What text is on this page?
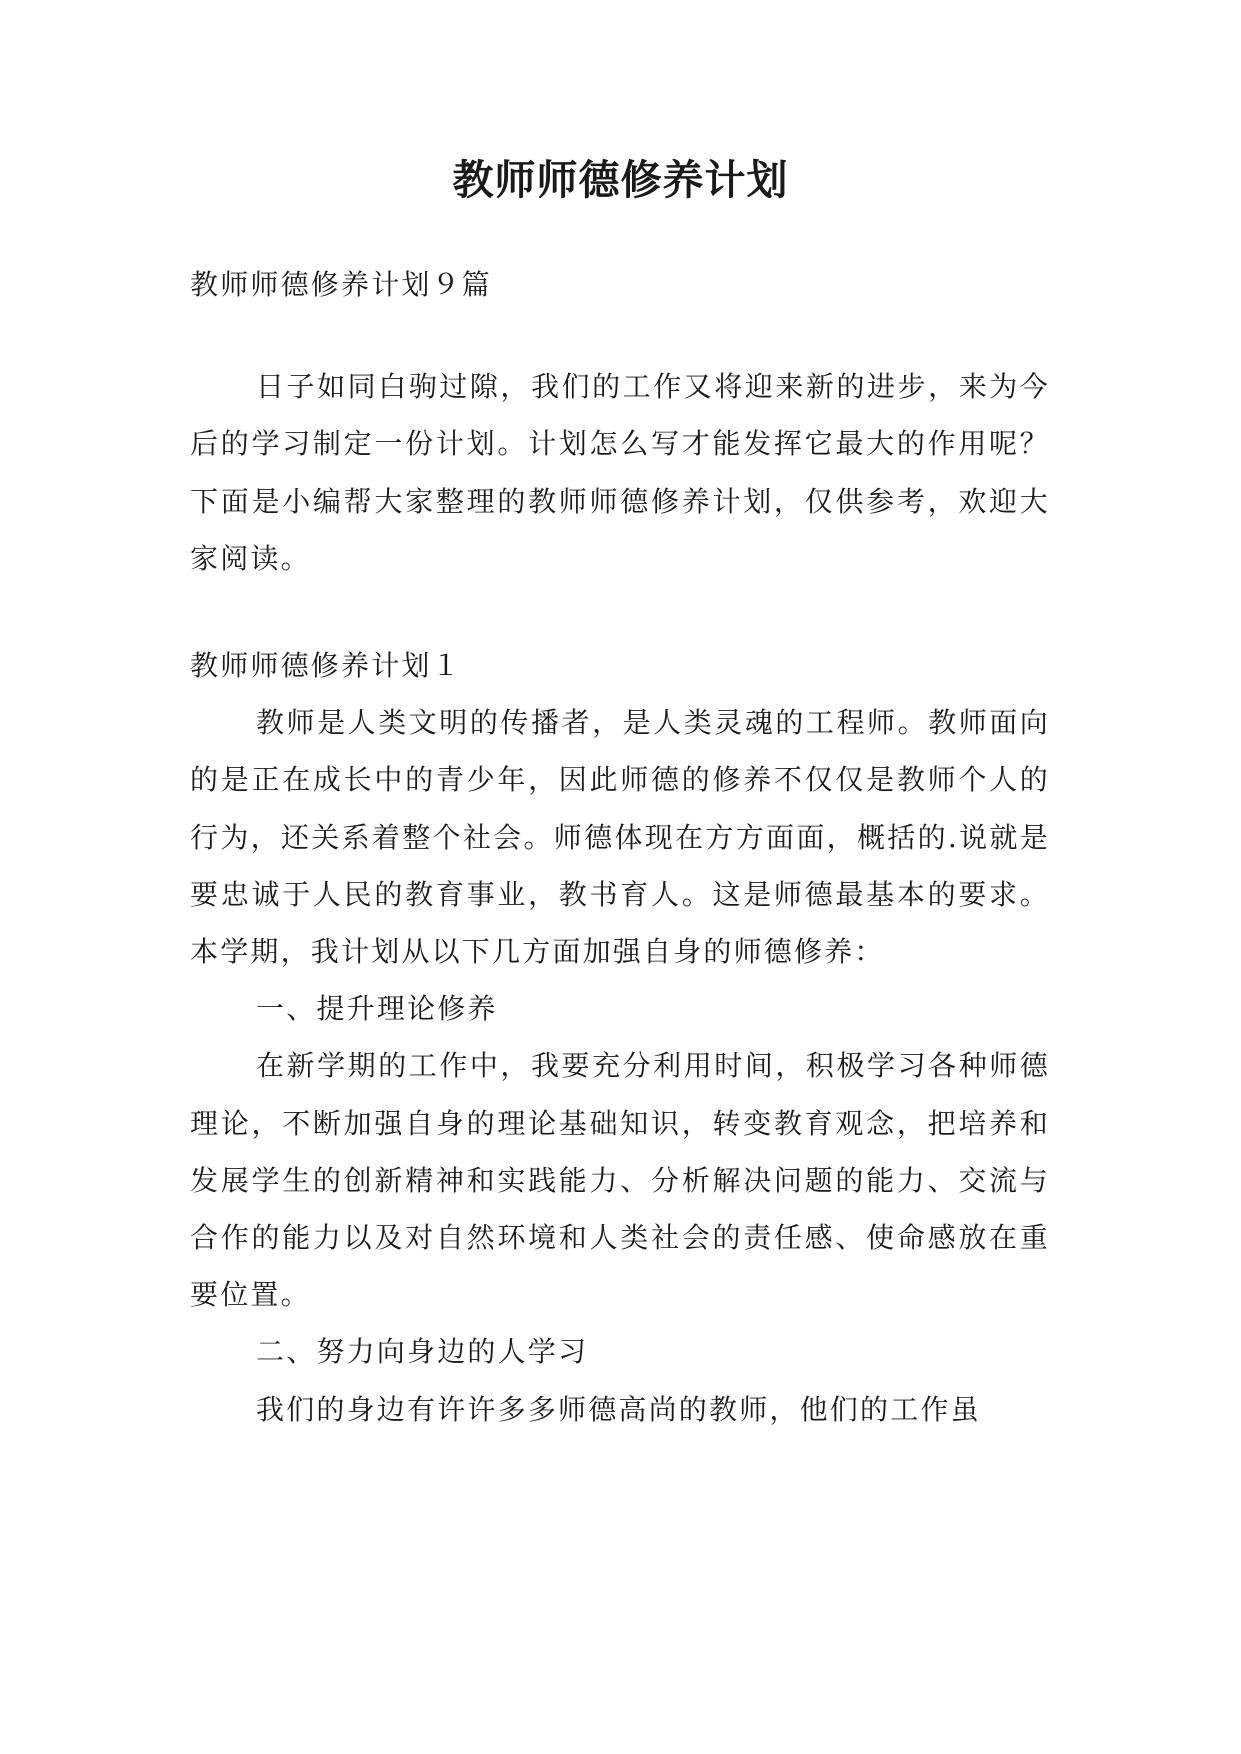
教师师德修养计划

教师师德修养计划９篇

日子如同白驹过隙，我们的工作又将迎来新的进步，来为今后的学习制定一份计划。计划怎么写才能发挥它最大的作用呢？下面是小编帮大家整理的教师师德修养计划，仅供参考，欢迎大家阅读。

教师师德修养计划１

教师是人类文明的传播者，是人类灵魂的工程师。教师面向的是正在成长中的青少年，因此师德的修养不仅仅是教师个人的行为，还关系着整个社会。师德体现在方方面面，概括的.说就是要忠诚于人民的教育事业，教书育人。这是师德最基本的要求。本学期，我计划从以下几方面加强自身的师德修养：

一、提升理论修养

在新学期的工作中，我要充分利用时间，积极学习各种师德理论，不断加强自身的理论基础知识，转变教育观念，把培养和发展学生的创新精神和实践能力、分析解决问题的能力、交流与合作的能力以及对自然环境和人类社会的责任感、使命感放在重要位置。

二、努力向身边的人学习

我们的身边有许许多多师德高尚的教师，他们的工作虽
